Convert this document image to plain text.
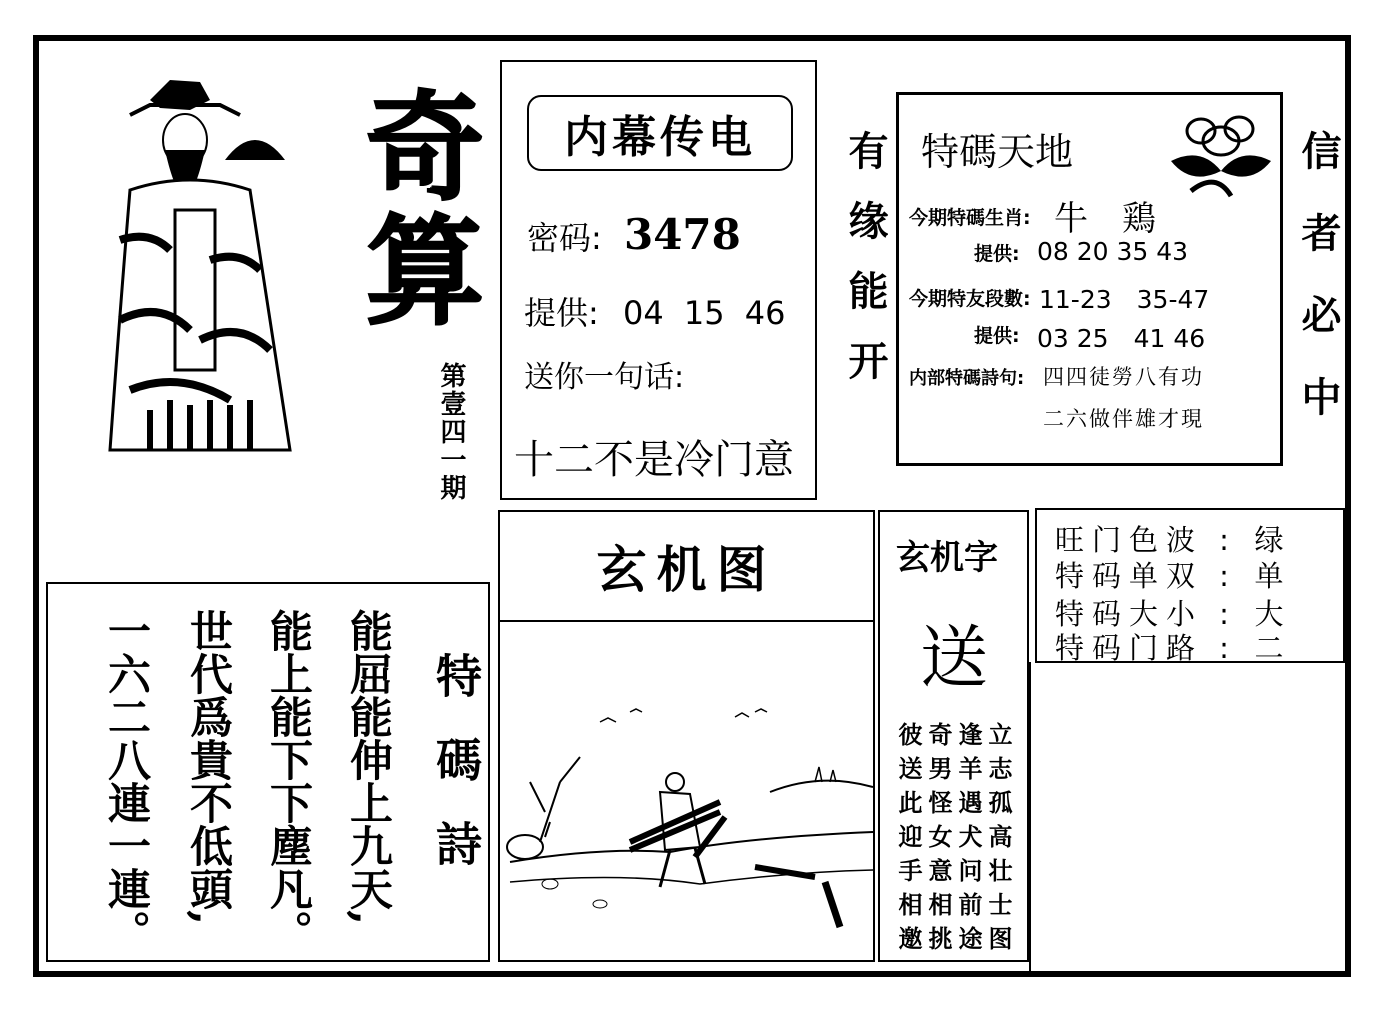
奇算
第壹四一期
内幕传电
密码: 3478
提供: 04 15 46
送你一句话:
十二不是冷门意
有缘能开 特碼天地
今期特碼生肖: 牛　鶏
提供: 08 20 35 43
今期特友段數: 11-23　35-47
提供: 03 25　41 46
内部特碼詩句: 四四徒勞八有功
二六做伴雄才現 信者必中
特碼詩
能屈能伸上九天,
能上能下下塵凡。
世代爲貴不低頭,
一六二八連一連。
玄机图	玄机字
送
立志孤高壮士图
逢羊遇犬问前途
奇男怪女意相挑
彼送此迎手相邀
旺 门 色 波 : 绿
特 码 单 双 : 单
特 码 大 小 : 大
特 码 门 路 : 二
